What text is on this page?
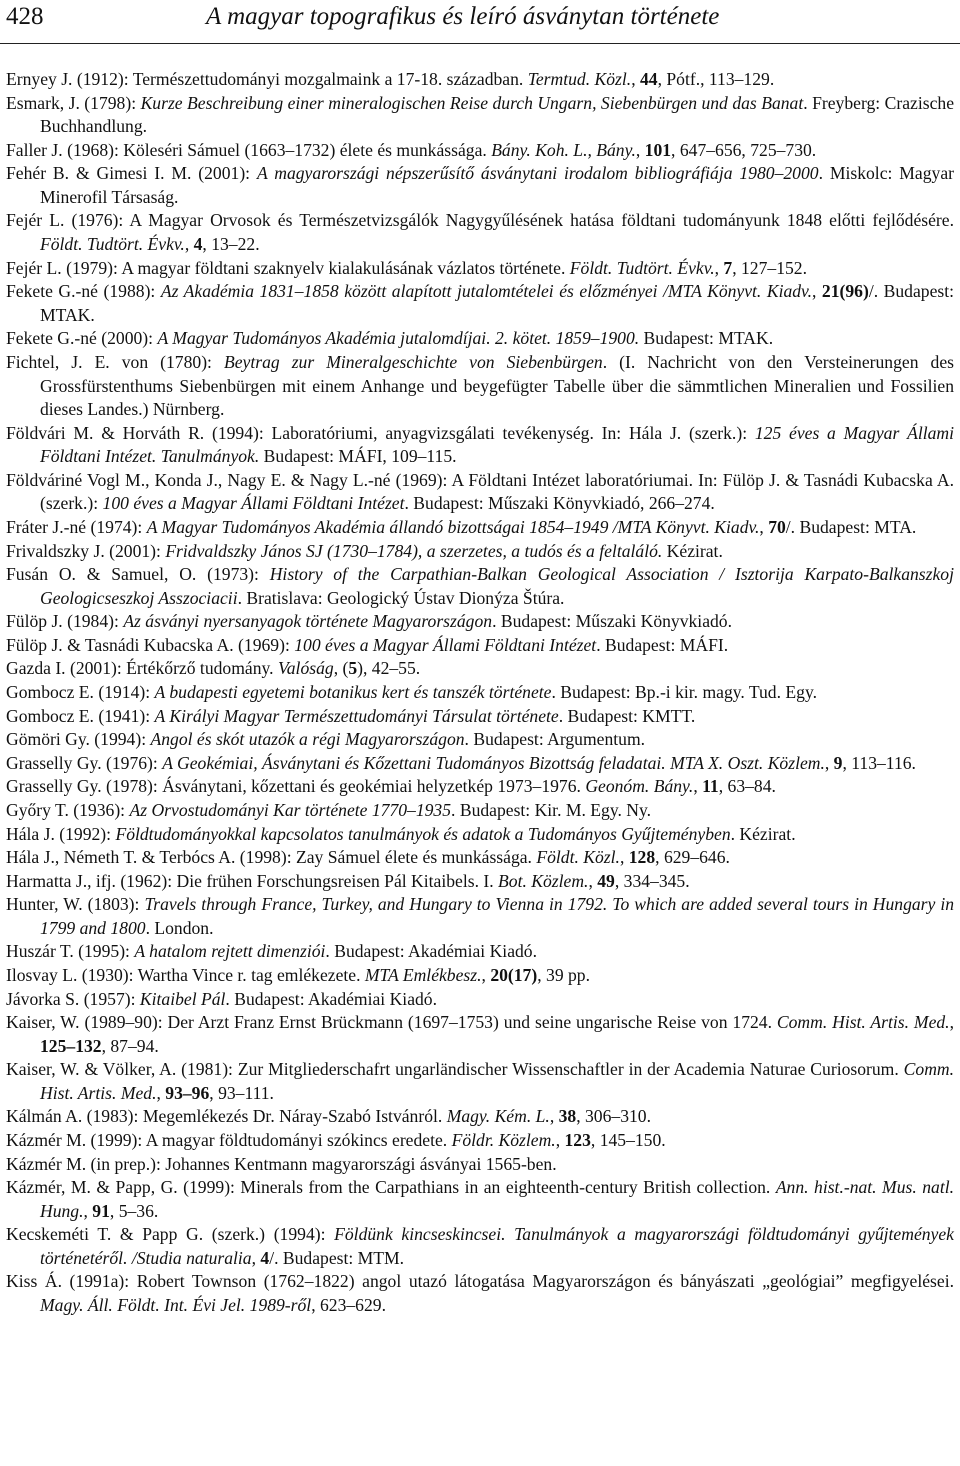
428	A magyar topografikus és leíró ásványtan története
Ernyey J. (1912): Természettudományi mozgalmaink a 17-18. században. Termtud. Közl., 44, Pótf., 113–129.
Esmark, J. (1798): Kurze Beschreibung einer mineralogischen Reise durch Ungarn, Siebenbürgen und das Banat. Freyberg: Crazische Buchhandlung.
Faller J. (1968): Köleséri Sámuel (1663–1732) élete és munkássága. Bány. Koh. L., Bány., 101, 647–656, 725–730.
Fehér B. & Gimesi I. M. (2001): A magyarországi népszerűsítő ásványtani irodalom bibliográfiája 1980–2000. Miskolc: Magyar Minerofil Társaság.
Fejér L. (1976): A Magyar Orvosok és Természetvizsgálók Nagygyűlésének hatása földtani tudományunk 1848 előtti fejlődésére. Földt. Tudtört. Évkv., 4, 13–22.
Fejér L. (1979): A magyar földtani szaknyelv kialakulásának vázlatos története. Földt. Tudtört. Évkv., 7, 127–152.
Fekete G.-né (1988): Az Akadémia 1831–1858 között alapított jutalomtételei és előzményei /MTA Könyvt. Kiadv., 21(96)/. Budapest: MTAK.
Fekete G.-né (2000): A Magyar Tudományos Akadémia jutalomdíjai. 2. kötet. 1859–1900. Budapest: MTAK.
Fichtel, J. E. von (1780): Beytrag zur Mineralgeschichte von Siebenbürgen. (I. Nachricht von den Versteinerungen des Grossfürstenthums Siebenbürgen mit einem Anhange und beygefügter Tabelle über die sämmtlichen Mineralien und Fossilien dieses Landes.) Nürnberg.
Földvári M. & Horváth R. (1994): Laboratóriumi, anyagvizsgálati tevékenység. In: Hála J. (szerk.): 125 éves a Magyar Állami Földtani Intézet. Tanulmányok. Budapest: MÁFI, 109–115.
Földváriné Vogl M., Konda J., Nagy E. & Nagy L.-né (1969): A Földtani Intézet laboratóriumai. In: Fülöp J. & Tasnádi Kubacska A. (szerk.): 100 éves a Magyar Állami Földtani Intézet. Budapest: Műszaki Könyvkiadó, 266–274.
Fráter J.-né (1974): A Magyar Tudományos Akadémia állandó bizottságai 1854–1949 /MTA Könyvt. Kiadv., 70/. Budapest: MTA.
Frivaldszky J. (2001): Fridvaldszky János SJ (1730–1784), a szerzetes, a tudós és a feltaláló. Kézirat.
Fusán O. & Samuel, O. (1973): History of the Carpathian-Balkan Geological Association / Isztorija Karpato-Balkanszkoj Geologicseszkoj Asszociacii. Bratislava: Geologický Ústav Dionýza Štúra.
Fülöp J. (1984): Az ásványi nyersanyagok története Magyarországon. Budapest: Műszaki Könyvkiadó.
Fülöp J. & Tasnádi Kubacska A. (1969): 100 éves a Magyar Állami Földtani Intézet. Budapest: MÁFI.
Gazda I. (2001): Értékőrző tudomány. Valóság, (5), 42–55.
Gombocz E. (1914): A budapesti egyetemi botanikus kert és tanszék története. Budapest: Bp.-i kir. magy. Tud. Egy.
Gombocz E. (1941): A Királyi Magyar Természettudományi Társulat története. Budapest: KMTT.
Gömöri Gy. (1994): Angol és skót utazók a régi Magyarországon. Budapest: Argumentum.
Grasselly Gy. (1976): A Geokémiai, Ásványtani és Kőzettani Tudományos Bizottság feladatai. MTA X. Oszt. Közlem., 9, 113–116.
Grasselly Gy. (1978): Ásványtani, kőzettani és geokémiai helyzetkép 1973–1976. Geonóm. Bány., 11, 63–84.
Győry T. (1936): Az Orvostudományi Kar története 1770–1935. Budapest: Kir. M. Egy. Ny.
Hála J. (1992): Földtudományokkal kapcsolatos tanulmányok és adatok a Tudományos Gyűjteményben. Kézirat.
Hála J., Németh T. & Terbócs A. (1998): Zay Sámuel élete és munkássága. Földt. Közl., 128, 629–646.
Harmatta J., ifj. (1962): Die frühen Forschungsreisen Pál Kitaibels. I. Bot. Közlem., 49, 334–345.
Hunter, W. (1803): Travels through France, Turkey, and Hungary to Vienna in 1792. To which are added several tours in Hungary in 1799 and 1800. London.
Huszár T. (1995): A hatalom rejtett dimenziói. Budapest: Akadémiai Kiadó.
Ilosvay L. (1930): Wartha Vince r. tag emlékezete. MTA Emlékbesz., 20(17), 39 pp.
Jávorka S. (1957): Kitaibel Pál. Budapest: Akadémiai Kiadó.
Kaiser, W. (1989–90): Der Arzt Franz Ernst Brückmann (1697–1753) und seine ungarische Reise von 1724. Comm. Hist. Artis. Med., 125–132, 87–94.
Kaiser, W. & Völker, A. (1981): Zur Mitgliederschafrt ungarländischer Wissenschaftler in der Academia Naturae Curiosorum. Comm. Hist. Artis. Med., 93–96, 93–111.
Kálmán A. (1983): Megemlékezés Dr. Náray-Szabó Istvánról. Magy. Kém. L., 38, 306–310.
Kázmér M. (1999): A magyar földtudományi szókincs eredete. Földr. Közlem., 123, 145–150.
Kázmér M. (in prep.): Johannes Kentmann magyarországi ásványai 1565-ben.
Kázmér, M. & Papp, G. (1999): Minerals from the Carpathians in an eighteenth-century British collection. Ann. hist.-nat. Mus. natl. Hung., 91, 5–36.
Kecskeméti T. & Papp G. (szerk.) (1994): Földünk kincseskincsei. Tanulmányok a magyarországi földtudományi gyűjtemények történetéről. /Studia naturalia, 4/. Budapest: MTM.
Kiss Á. (1991a): Robert Townson (1762–1822) angol utazó látogatása Magyarországon és bányászati „geológiai” megfigyelései. Magy. Áll. Földt. Int. Évi Jel. 1989-ről, 623–629.
